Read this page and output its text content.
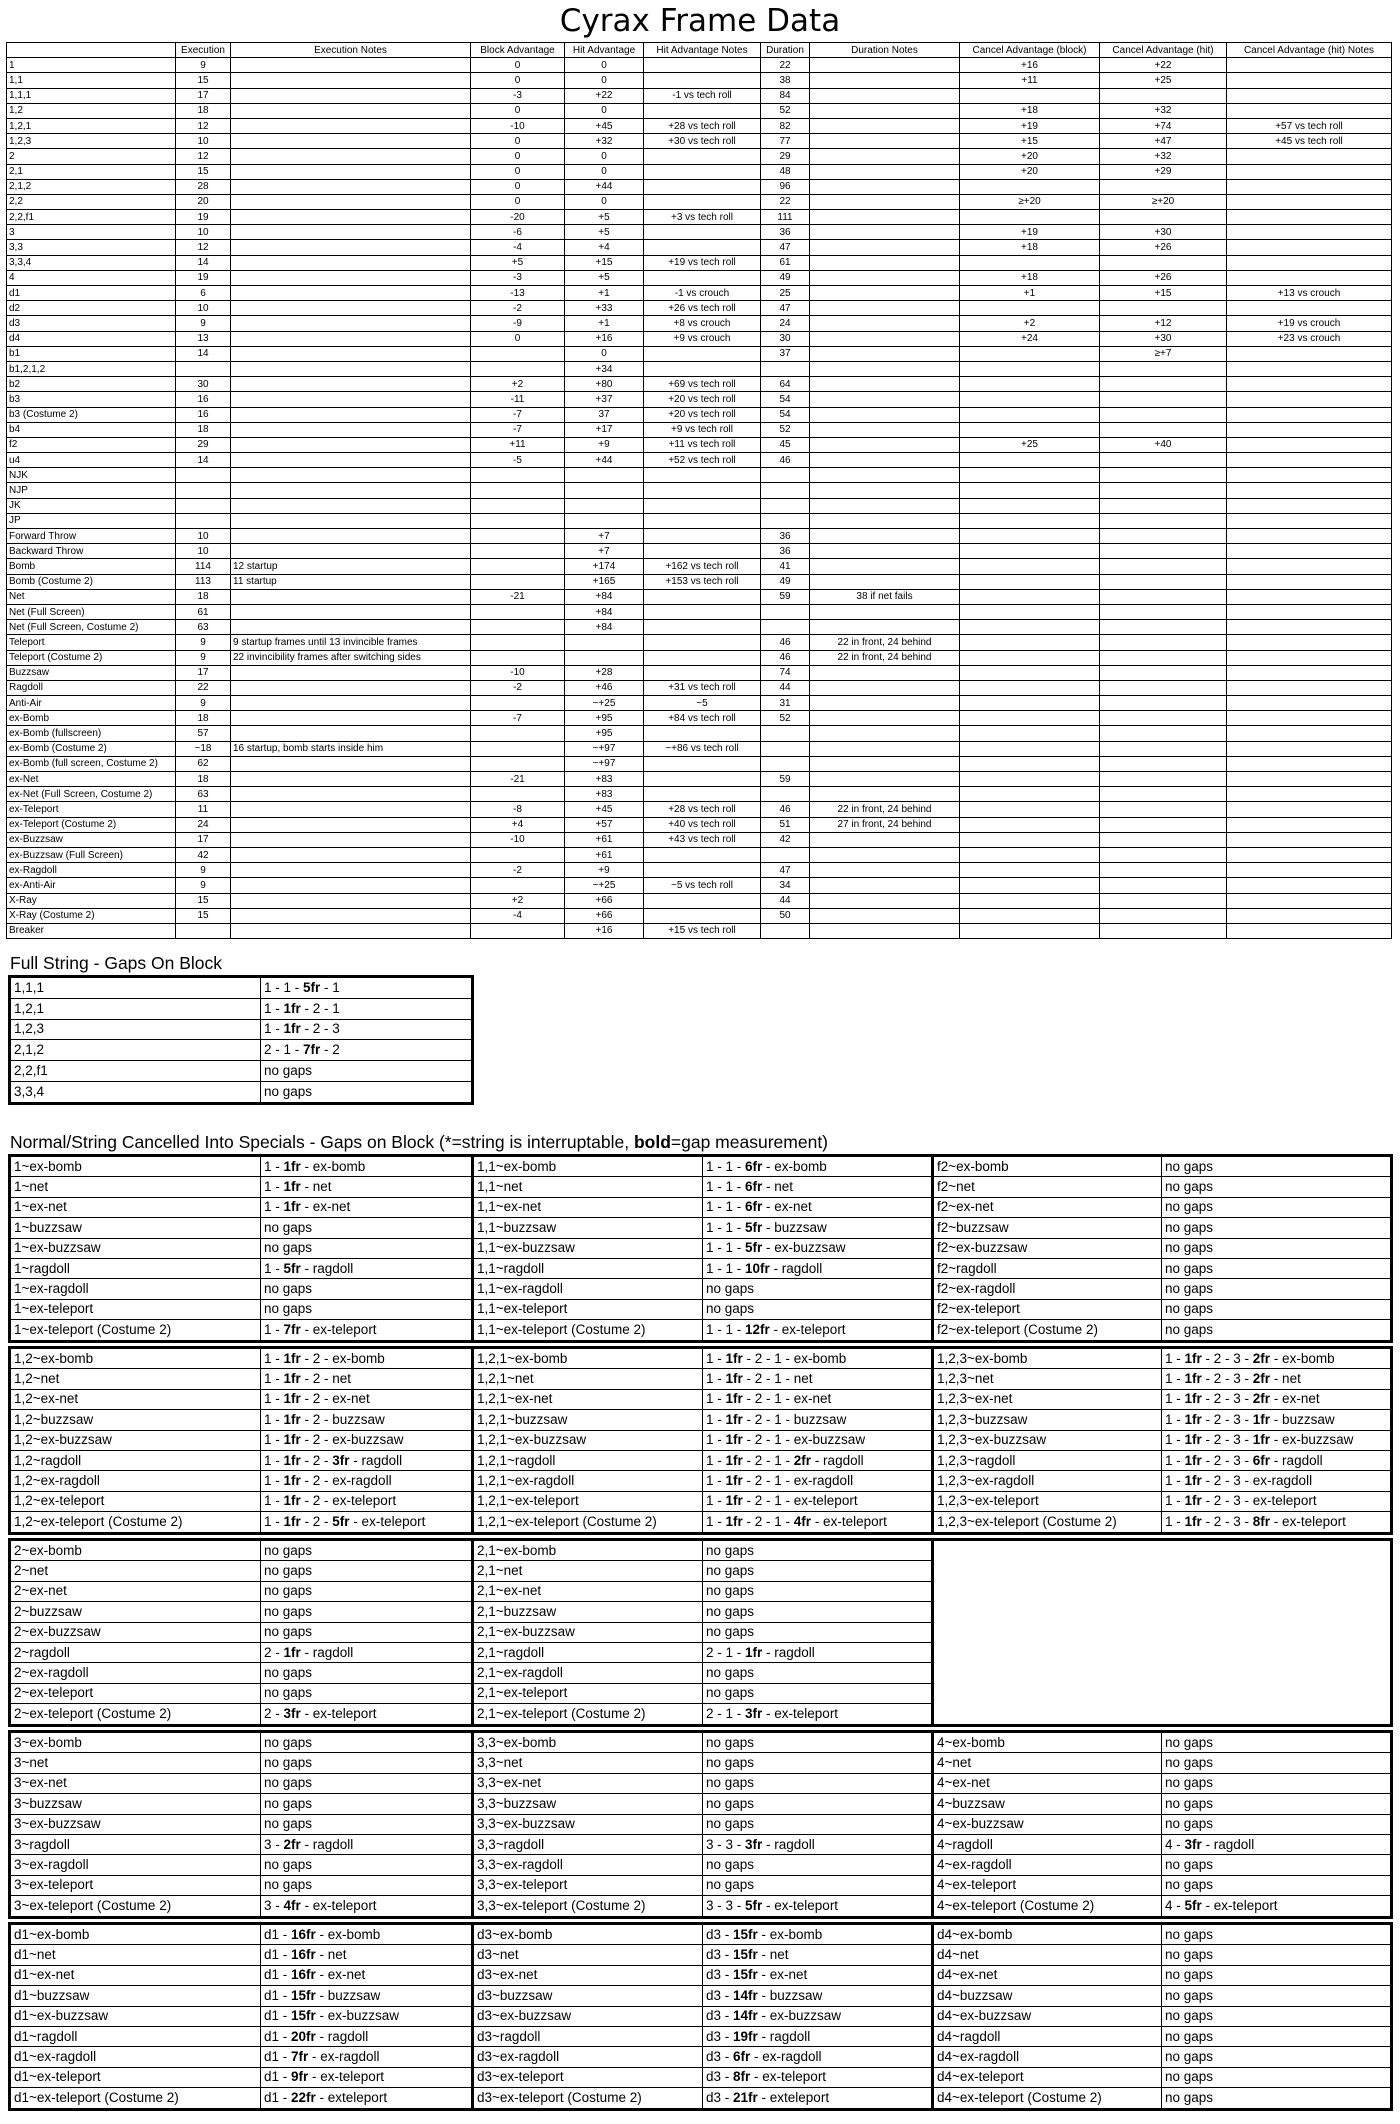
Cyrax Frame Data
	Execution	Execution Notes	Block Advantage	Hit Advantage	Hit Advantage Notes	Duration	Duration Notes	Cancel Advantage (block)	Cancel Advantage (hit)	Cancel Advantage (hit) Notes
1	9		0	0		22		+16	+22	
1,1	15		0	0		38		+11	+25	
1,1,1	17		-3	+22	-1 vs tech roll	84				
1,2	18		0	0		52		+18	+32	
1,2,1	12		-10	+45	+28 vs tech roll	82		+19	+74	+57 vs tech roll
1,2,3	10		0	+32	+30 vs tech roll	77		+15	+47	+45 vs tech roll
2	12		0	0		29		+20	+32	
2,1	15		0	0		48		+20	+29	
2,1,2	28		0	+44		96				
2,2	20		0	0		22		≥+20	≥+20	
2,2,f1	19		-20	+5	+3 vs tech roll	111				
3	10		-6	+5		36		+19	+30	
3,3	12		-4	+4		47		+18	+26	
3,3,4	14		+5	+15	+19 vs tech roll	61				
4	19		-3	+5		49		+18	+26	
d1	6		-13	+1	-1 vs crouch	25		+1	+15	+13 vs crouch
d2	10		-2	+33	+26 vs tech roll	47				
d3	9		-9	+1	+8 vs crouch	24		+2	+12	+19 vs crouch
d4	13		0	+16	+9 vs crouch	30		+24	+30	+23 vs crouch
b1	14			0		37			≥+7	
b1,2,1,2				+34						
b2	30		+2	+80	+69 vs tech roll	64				
b3	16		-11	+37	+20 vs tech roll	54				
b3 (Costume 2)	16		-7	37	+20 vs tech roll	54				
b4	18		-7	+17	+9 vs tech roll	52				
f2	29		+11	+9	+11 vs tech roll	45		+25	+40	
u4	14		-5	+44	+52 vs tech roll	46				
NJK										
NJP										
JK										
JP										
Forward Throw	10			+7		36				
Backward Throw	10			+7		36				
Bomb	114	12 startup		+174	+162 vs tech roll	41				
Bomb (Costume 2)	113	11 startup		+165	+153 vs tech roll	49				
Net	18		-21	+84		59	38 if net fails			
Net (Full Screen)	61			+84						
Net (Full Screen, Costume 2)	63			+84						
Teleport	9	9 startup frames until 13 invincible frames				46	22 in front, 24 behind			
Teleport (Costume 2)	9	22 invincibility frames after switching sides				46	22 in front, 24 behind			
Buzzsaw	17		-10	+28		74				
Ragdoll	22		-2	+46	+31 vs tech roll	44				
Anti-Air	9			~+25	~5	31				
ex-Bomb	18		-7	+95	+84 vs tech roll	52				
ex-Bomb (fullscreen)	57			+95						
ex-Bomb (Costume 2)	~18	16 startup, bomb starts inside him		~+97	~+86 vs tech roll					
ex-Bomb (full screen, Costume 2)	62			~+97						
ex-Net	18		-21	+83		59				
ex-Net (Full Screen, Costume 2)	63			+83						
ex-Teleport	11		-8	+45	+28 vs tech roll	46	22 in front, 24 behind			
ex-Teleport (Costume 2)	24		+4	+57	+40 vs tech roll	51	27 in front, 24 behind			
ex-Buzzsaw	17		-10	+61	+43 vs tech roll	42				
ex-Buzzsaw (Full Screen)	42			+61						
ex-Ragdoll	9		-2	+9		47				
ex-Anti-Air	9			~+25	~5 vs tech roll	34				
X-Ray	15		+2	+66		44				
X-Ray (Costume 2)	15		-4	+66		50				
Breaker				+16	+15 vs tech roll					
Full String - Gaps On Block
1,1,1	1 - 1 - 5fr - 1
1,2,1	1 - 1fr - 2 - 1
1,2,3	1 - 1fr - 2 - 3
2,1,2	2 - 1 - 7fr - 2
2,2,f1	no gaps
3,3,4	no gaps
Normal/String Cancelled Into Specials - Gaps on Block (*=string is interruptable, bold=gap measurement)
1~ex-bomb	1 - 1fr - ex-bomb	1,1~ex-bomb	1 - 1 - 6fr - ex-bomb	f2~ex-bomb	no gaps
1~net	1 - 1fr - net	1,1~net	1 - 1 - 6fr - net	f2~net	no gaps
1~ex-net	1 - 1fr - ex-net	1,1~ex-net	1 - 1 - 6fr - ex-net	f2~ex-net	no gaps
1~buzzsaw	no gaps	1,1~buzzsaw	1 - 1 - 5fr - buzzsaw	f2~buzzsaw	no gaps
1~ex-buzzsaw	no gaps	1,1~ex-buzzsaw	1 - 1 - 5fr - ex-buzzsaw	f2~ex-buzzsaw	no gaps
1~ragdoll	1 - 5fr - ragdoll	1,1~ragdoll	1 - 1 - 10fr - ragdoll	f2~ragdoll	no gaps
1~ex-ragdoll	no gaps	1,1~ex-ragdoll	no gaps	f2~ex-ragdoll	no gaps
1~ex-teleport	no gaps	1,1~ex-teleport	no gaps	f2~ex-teleport	no gaps
1~ex-teleport (Costume 2)	1 - 7fr - ex-teleport	1,1~ex-teleport (Costume 2)	1 - 1 - 12fr - ex-teleport	f2~ex-teleport (Costume 2)	no gaps
1,2~ex-bomb	1 - 1fr - 2 - ex-bomb	1,2,1~ex-bomb	1 - 1fr - 2 - 1 - ex-bomb	1,2,3~ex-bomb	1 - 1fr - 2 - 3 - 2fr - ex-bomb
1,2~net	1 - 1fr - 2 - net	1,2,1~net	1 - 1fr - 2 - 1 - net	1,2,3~net	1 - 1fr - 2 - 3 - 2fr - net
1,2~ex-net	1 - 1fr - 2 - ex-net	1,2,1~ex-net	1 - 1fr - 2 - 1 - ex-net	1,2,3~ex-net	1 - 1fr - 2 - 3 - 2fr - ex-net
1,2~buzzsaw	1 - 1fr - 2 - buzzsaw	1,2,1~buzzsaw	1 - 1fr - 2 - 1 - buzzsaw	1,2,3~buzzsaw	1 - 1fr - 2 - 3 - 1fr - buzzsaw
1,2~ex-buzzsaw	1 - 1fr - 2 - ex-buzzsaw	1,2,1~ex-buzzsaw	1 - 1fr - 2 - 1 - ex-buzzsaw	1,2,3~ex-buzzsaw	1 - 1fr - 2 - 3 - 1fr - ex-buzzsaw
1,2~ragdoll	1 - 1fr - 2 - 3fr - ragdoll	1,2,1~ragdoll	1 - 1fr - 2 - 1 - 2fr - ragdoll	1,2,3~ragdoll	1 - 1fr - 2 - 3 - 6fr - ragdoll
1,2~ex-ragdoll	1 - 1fr - 2 - ex-ragdoll	1,2,1~ex-ragdoll	1 - 1fr - 2 - 1 - ex-ragdoll	1,2,3~ex-ragdoll	1 - 1fr - 2 - 3 - ex-ragdoll
1,2~ex-teleport	1 - 1fr - 2 - ex-teleport	1,2,1~ex-teleport	1 - 1fr - 2 - 1 - ex-teleport	1,2,3~ex-teleport	1 - 1fr - 2 - 3 - ex-teleport
1,2~ex-teleport (Costume 2)	1 - 1fr - 2 - 5fr - ex-teleport	1,2,1~ex-teleport (Costume 2)	1 - 1fr - 2 - 1 - 4fr - ex-teleport	1,2,3~ex-teleport (Costume 2)	1 - 1fr - 2 - 3 - 8fr - ex-teleport
2~ex-bomb	no gaps	2,1~ex-bomb	no gaps	
2~net	no gaps	2,1~net	no gaps	
2~ex-net	no gaps	2,1~ex-net	no gaps	
2~buzzsaw	no gaps	2,1~buzzsaw	no gaps	
2~ex-buzzsaw	no gaps	2,1~ex-buzzsaw	no gaps	
2~ragdoll	2 - 1fr - ragdoll	2,1~ragdoll	2 - 1 - 1fr - ragdoll	
2~ex-ragdoll	no gaps	2,1~ex-ragdoll	no gaps	
2~ex-teleport	no gaps	2,1~ex-teleport	no gaps	
2~ex-teleport (Costume 2)	2 - 3fr - ex-teleport	2,1~ex-teleport (Costume 2)	2 - 1 - 3fr - ex-teleport	
3~ex-bomb	no gaps	3,3~ex-bomb	no gaps	4~ex-bomb	no gaps
3~net	no gaps	3,3~net	no gaps	4~net	no gaps
3~ex-net	no gaps	3,3~ex-net	no gaps	4~ex-net	no gaps
3~buzzsaw	no gaps	3,3~buzzsaw	no gaps	4~buzzsaw	no gaps
3~ex-buzzsaw	no gaps	3,3~ex-buzzsaw	no gaps	4~ex-buzzsaw	no gaps
3~ragdoll	3 - 2fr - ragdoll	3,3~ragdoll	3 - 3 - 3fr - ragdoll	4~ragdoll	4 - 3fr - ragdoll
3~ex-ragdoll	no gaps	3,3~ex-ragdoll	no gaps	4~ex-ragdoll	no gaps
3~ex-teleport	no gaps	3,3~ex-teleport	no gaps	4~ex-teleport	no gaps
3~ex-teleport (Costume 2)	3 - 4fr - ex-teleport	3,3~ex-teleport (Costume 2)	3 - 3 - 5fr - ex-teleport	4~ex-teleport (Costume 2)	4 - 5fr - ex-teleport
d1~ex-bomb	d1 - 16fr - ex-bomb	d3~ex-bomb	d3 - 15fr - ex-bomb	d4~ex-bomb	no gaps
d1~net	d1 - 16fr - net	d3~net	d3 - 15fr - net	d4~net	no gaps
d1~ex-net	d1 - 16fr - ex-net	d3~ex-net	d3 - 15fr - ex-net	d4~ex-net	no gaps
d1~buzzsaw	d1 - 15fr - buzzsaw	d3~buzzsaw	d3 - 14fr - buzzsaw	d4~buzzsaw	no gaps
d1~ex-buzzsaw	d1 - 15fr - ex-buzzsaw	d3~ex-buzzsaw	d3 - 14fr - ex-buzzsaw	d4~ex-buzzsaw	no gaps
d1~ragdoll	d1 - 20fr - ragdoll	d3~ragdoll	d3 - 19fr - ragdoll	d4~ragdoll	no gaps
d1~ex-ragdoll	d1 - 7fr - ex-ragdoll	d3~ex-ragdoll	d3 - 6fr - ex-ragdoll	d4~ex-ragdoll	no gaps
d1~ex-teleport	d1 - 9fr - ex-teleport	d3~ex-teleport	d3 - 8fr - ex-teleport	d4~ex-teleport	no gaps
d1~ex-teleport (Costume 2)	d1 - 22fr - exteleport	d3~ex-teleport (Costume 2)	d3 - 21fr - exteleport	d4~ex-teleport (Costume 2)	no gaps
